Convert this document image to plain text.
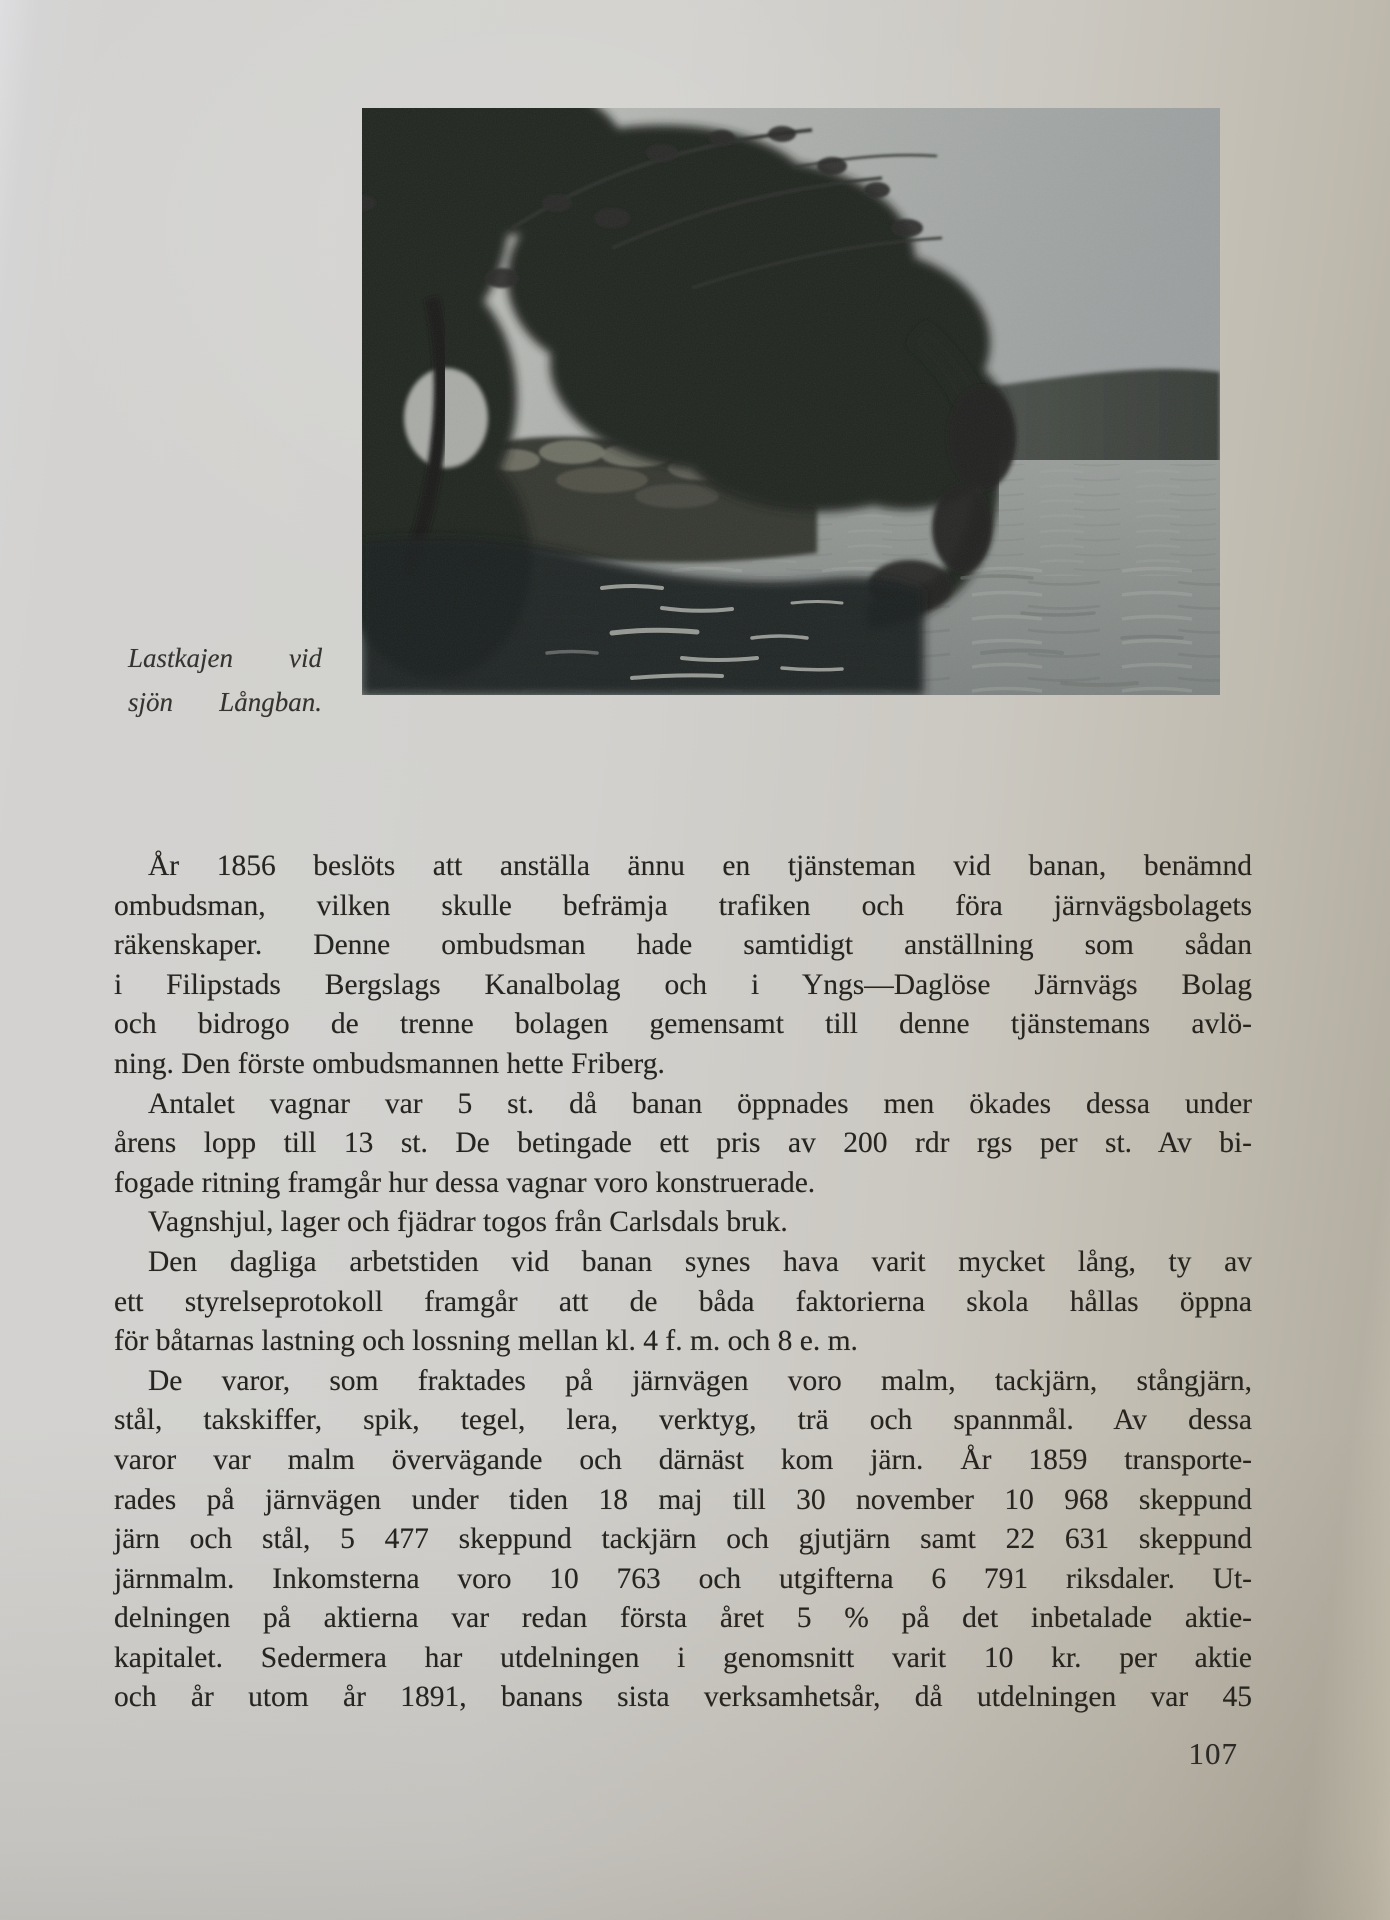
Lastkajen vid
sjön Långban.
År 1856 beslöts att anställa ännu en tjänsteman vid banan, benämnd
ombudsman, vilken skulle befrämja trafiken och föra järnvägsbolagets
räkenskaper. Denne ombudsman hade samtidigt anställning som sådan
i Filipstads Bergslags Kanalbolag och i Yngs—Daglöse Järnvägs Bolag
och bidrogo de trenne bolagen gemensamt till denne tjänstemans avlö-
ning. Den förste ombudsmannen hette Friberg.
Antalet vagnar var 5 st. då banan öppnades men ökades dessa under
årens lopp till 13 st. De betingade ett pris av 200 rdr rgs per st. Av bi-
fogade ritning framgår hur dessa vagnar voro konstruerade.
Vagnshjul, lager och fjädrar togos från Carlsdals bruk.
Den dagliga arbetstiden vid banan synes hava varit mycket lång, ty av
ett styrelseprotokoll framgår att de båda faktorierna skola hållas öppna
för båtarnas lastning och lossning mellan kl. 4 f. m. och 8 e. m.
De varor, som fraktades på järnvägen voro malm, tackjärn, stångjärn,
stål, takskiffer, spik, tegel, lera, verktyg, trä och spannmål. Av dessa
varor var malm övervägande och därnäst kom järn. År 1859 transporte-
rades på järnvägen under tiden 18 maj till 30 november 10 968 skeppund
järn och stål, 5 477 skeppund tackjärn och gjutjärn samt 22 631 skeppund
järnmalm. Inkomsterna voro 10 763 och utgifterna 6 791 riksdaler. Ut-
delningen på aktierna var redan första året 5 % på det inbetalade aktie-
kapitalet. Sedermera har utdelningen i genomsnitt varit 10 kr. per aktie
och år utom år 1891, banans sista verksamhetsår, då utdelningen var 45
107
